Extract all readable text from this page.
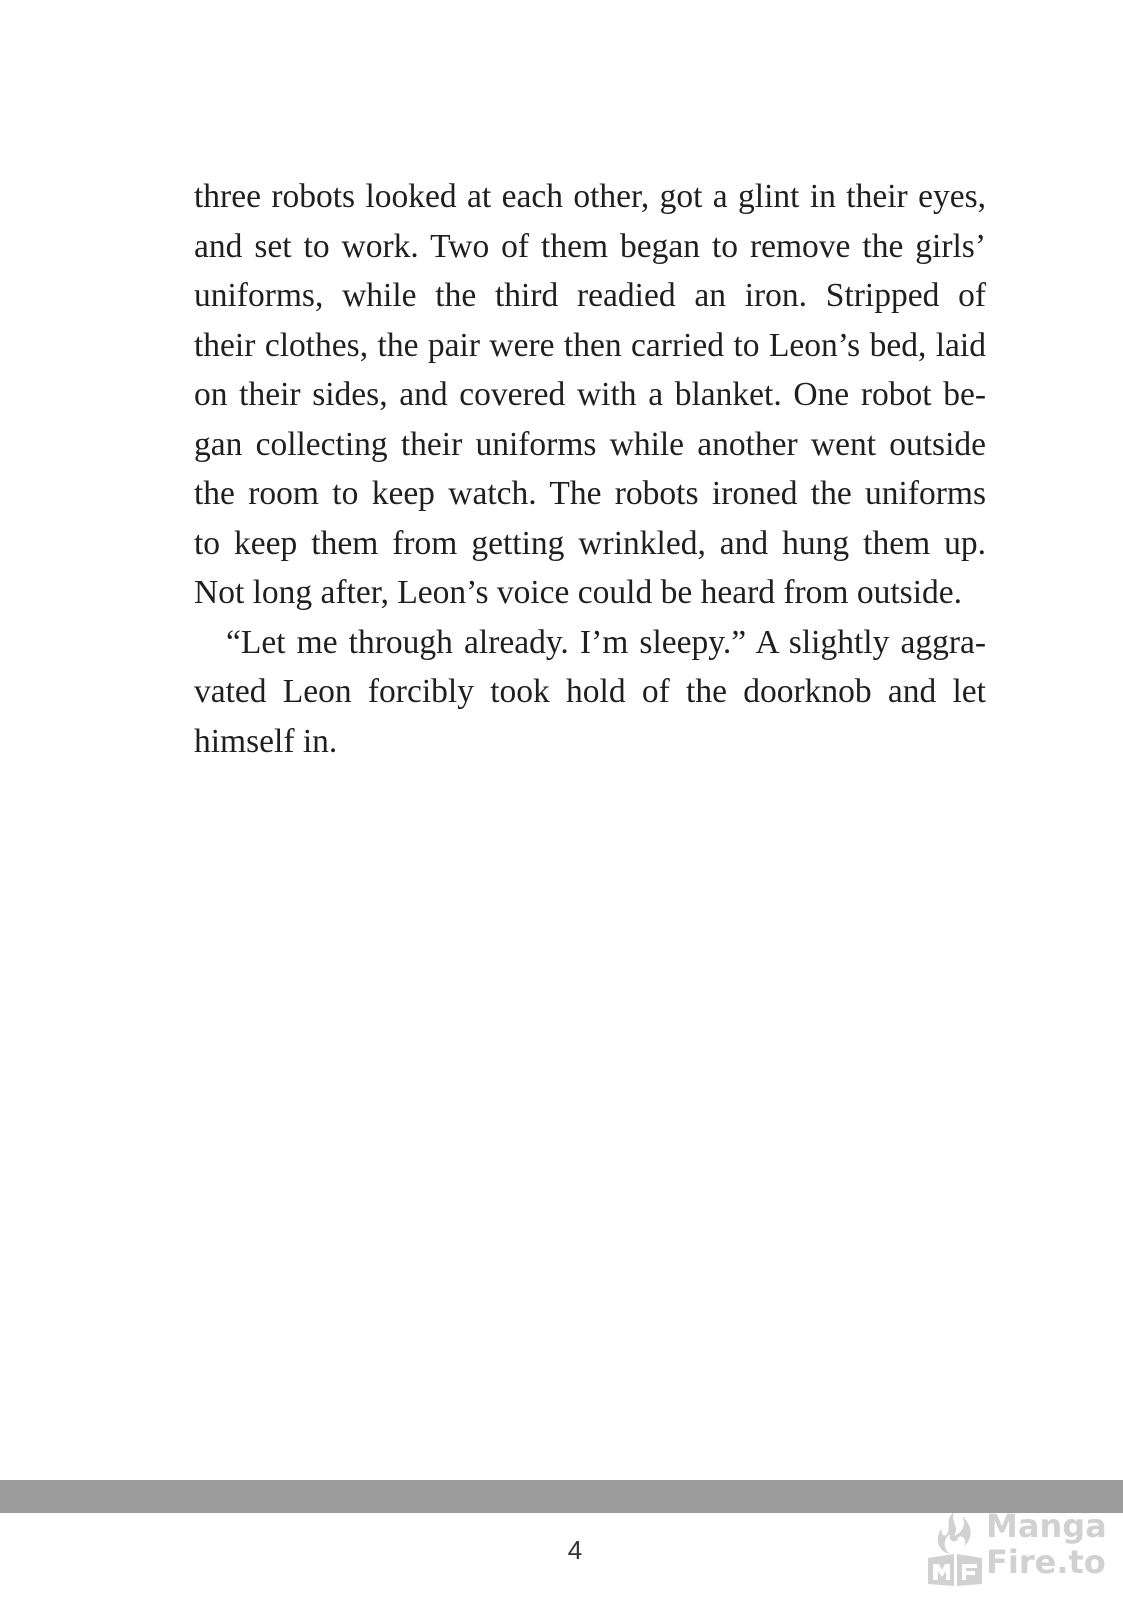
three robots looked at each other, got a glint in their eyes,
and set to work. Two of them began to remove the girls’
uniforms, while the third readied an iron. Stripped of
their clothes, the pair were then carried to Leon’s bed, laid
on their sides, and covered with a blanket. One robot be-
gan collecting their uniforms while another went outside
the room to keep watch. The robots ironed the uniforms
to keep them from getting wrinkled, and hung them up.
Not long after, Leon’s voice could be heard from outside.
“Let me through already. I’m sleepy.” A slightly aggra-
vated Leon forcibly took hold of the doorknob and let
himself in.
4
Manga
Fire.to
